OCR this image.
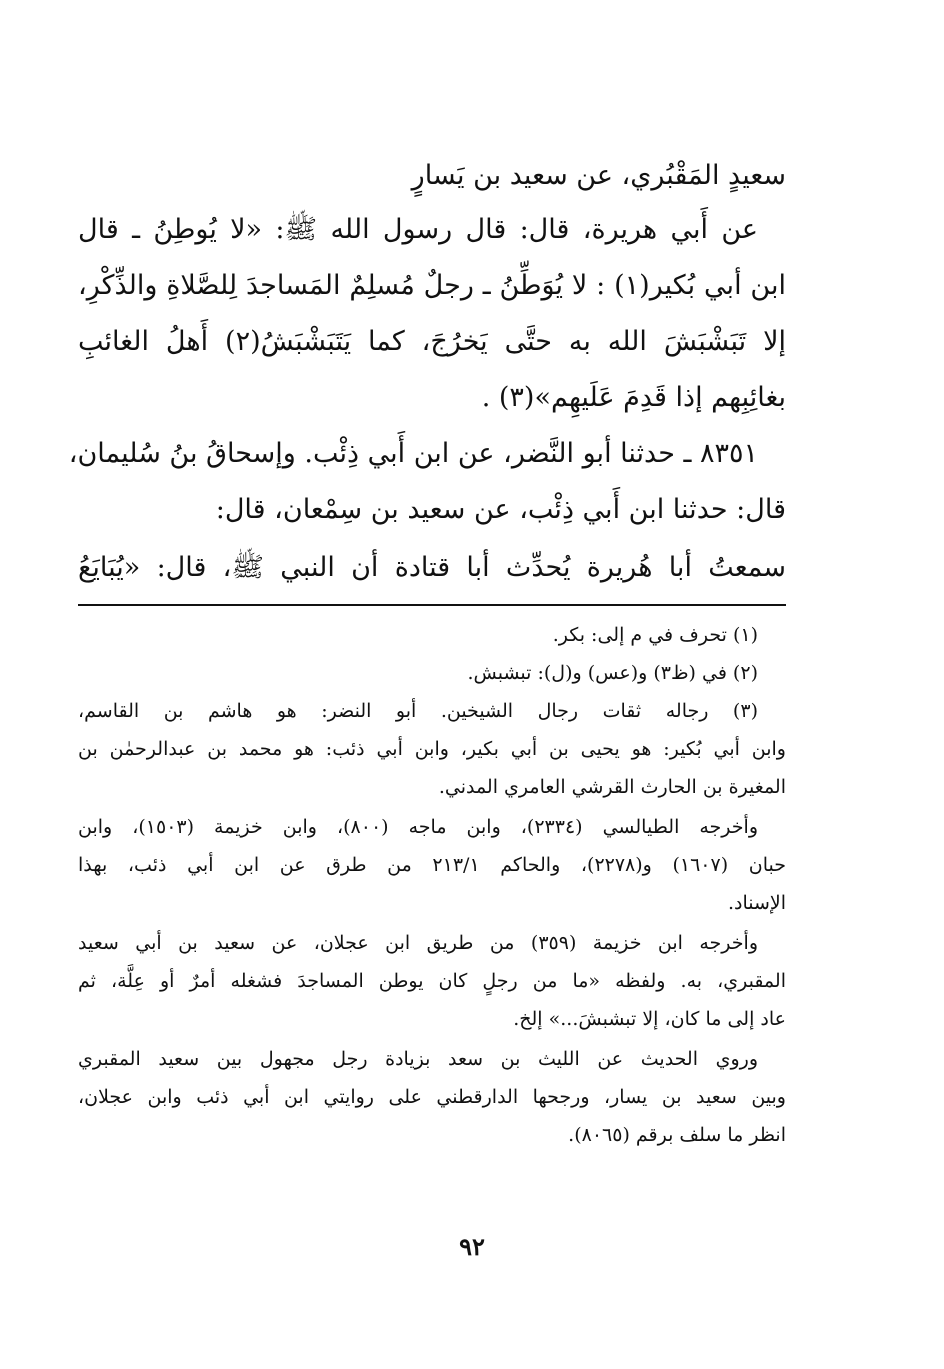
سعيدٍ المَقْبُري، عن سعيد بن يَسارٍ
عن أَبي هريرة، قال: قال رسول الله ﷺ: «لا يُوطِنُ ـ قال
ابن أبي بُكير(١) : لا يُوَطِّنُ ـ رجلٌ مُسلِمٌ المَساجدَ لِلصَّلاةِ والذِّكْرِ،
إلا تَبَشْبَشَ الله به حتَّى يَخرُجَ، كما يَتَبَشْبَشُ(٢) أَهلُ الغائبِ
بغائِبِهم إذا قَدِمَ عَلَيهِم»(٣) .
٨٣٥١ ـ حدثنا أبو النَّضر، عن ابن أَبي ذِئْب. وإسحاقُ بنُ سُليمان،
قال: حدثنا ابن أَبي ذِئْب، عن سعيد بن سِمْعان، قال:
سمعتُ أبا هُريرة يُحدِّث أبا قتادة أن النبي ﷺ، قال: «يُبَايَعُ
(١) تحرف في م إلى: بكر.
(٢) في (ظ٣) و(عس) و(ل): تبشبش.
(٣) رجاله ثقات رجال الشيخين. أبو النضر: هو هاشم بن القاسم،
وابن أبي بُكير: هو يحيى بن أبي بكير، وابن أبي ذئب: هو محمد بن عبدالرحمٰن بن
المغيرة بن الحارث القرشي العامري المدني.
وأخرجه الطيالسي (٢٣٣٤)، وابن ماجه (٨٠٠)، وابن خزيمة (١٥٠٣)، وابن
حبان (١٦٠٧) و(٢٢٧٨)، والحاكم ٢١٣/١ من طرق عن ابن أبي ذئب، بهذا
الإسناد.
وأخرجه ابن خزيمة (٣٥٩) من طريق ابن عجلان، عن سعيد بن أبي سعيد
المقبري، به. ولفظه «ما من رجلٍ كان يوطن المساجدَ فشغله أمرٌ أو عِلَّة، ثم
عاد إلى ما كان، إلا تبشبشَ...» إلخ.
وروي الحديث عن الليث بن سعد بزيادة رجل مجهول بين سعيد المقبري
وبين سعيد بن يسار، ورجحها الدارقطني على روايتي ابن أبي ذئب وابن عجلان،
انظر ما سلف برقم (٨٠٦٥).
٩٢
